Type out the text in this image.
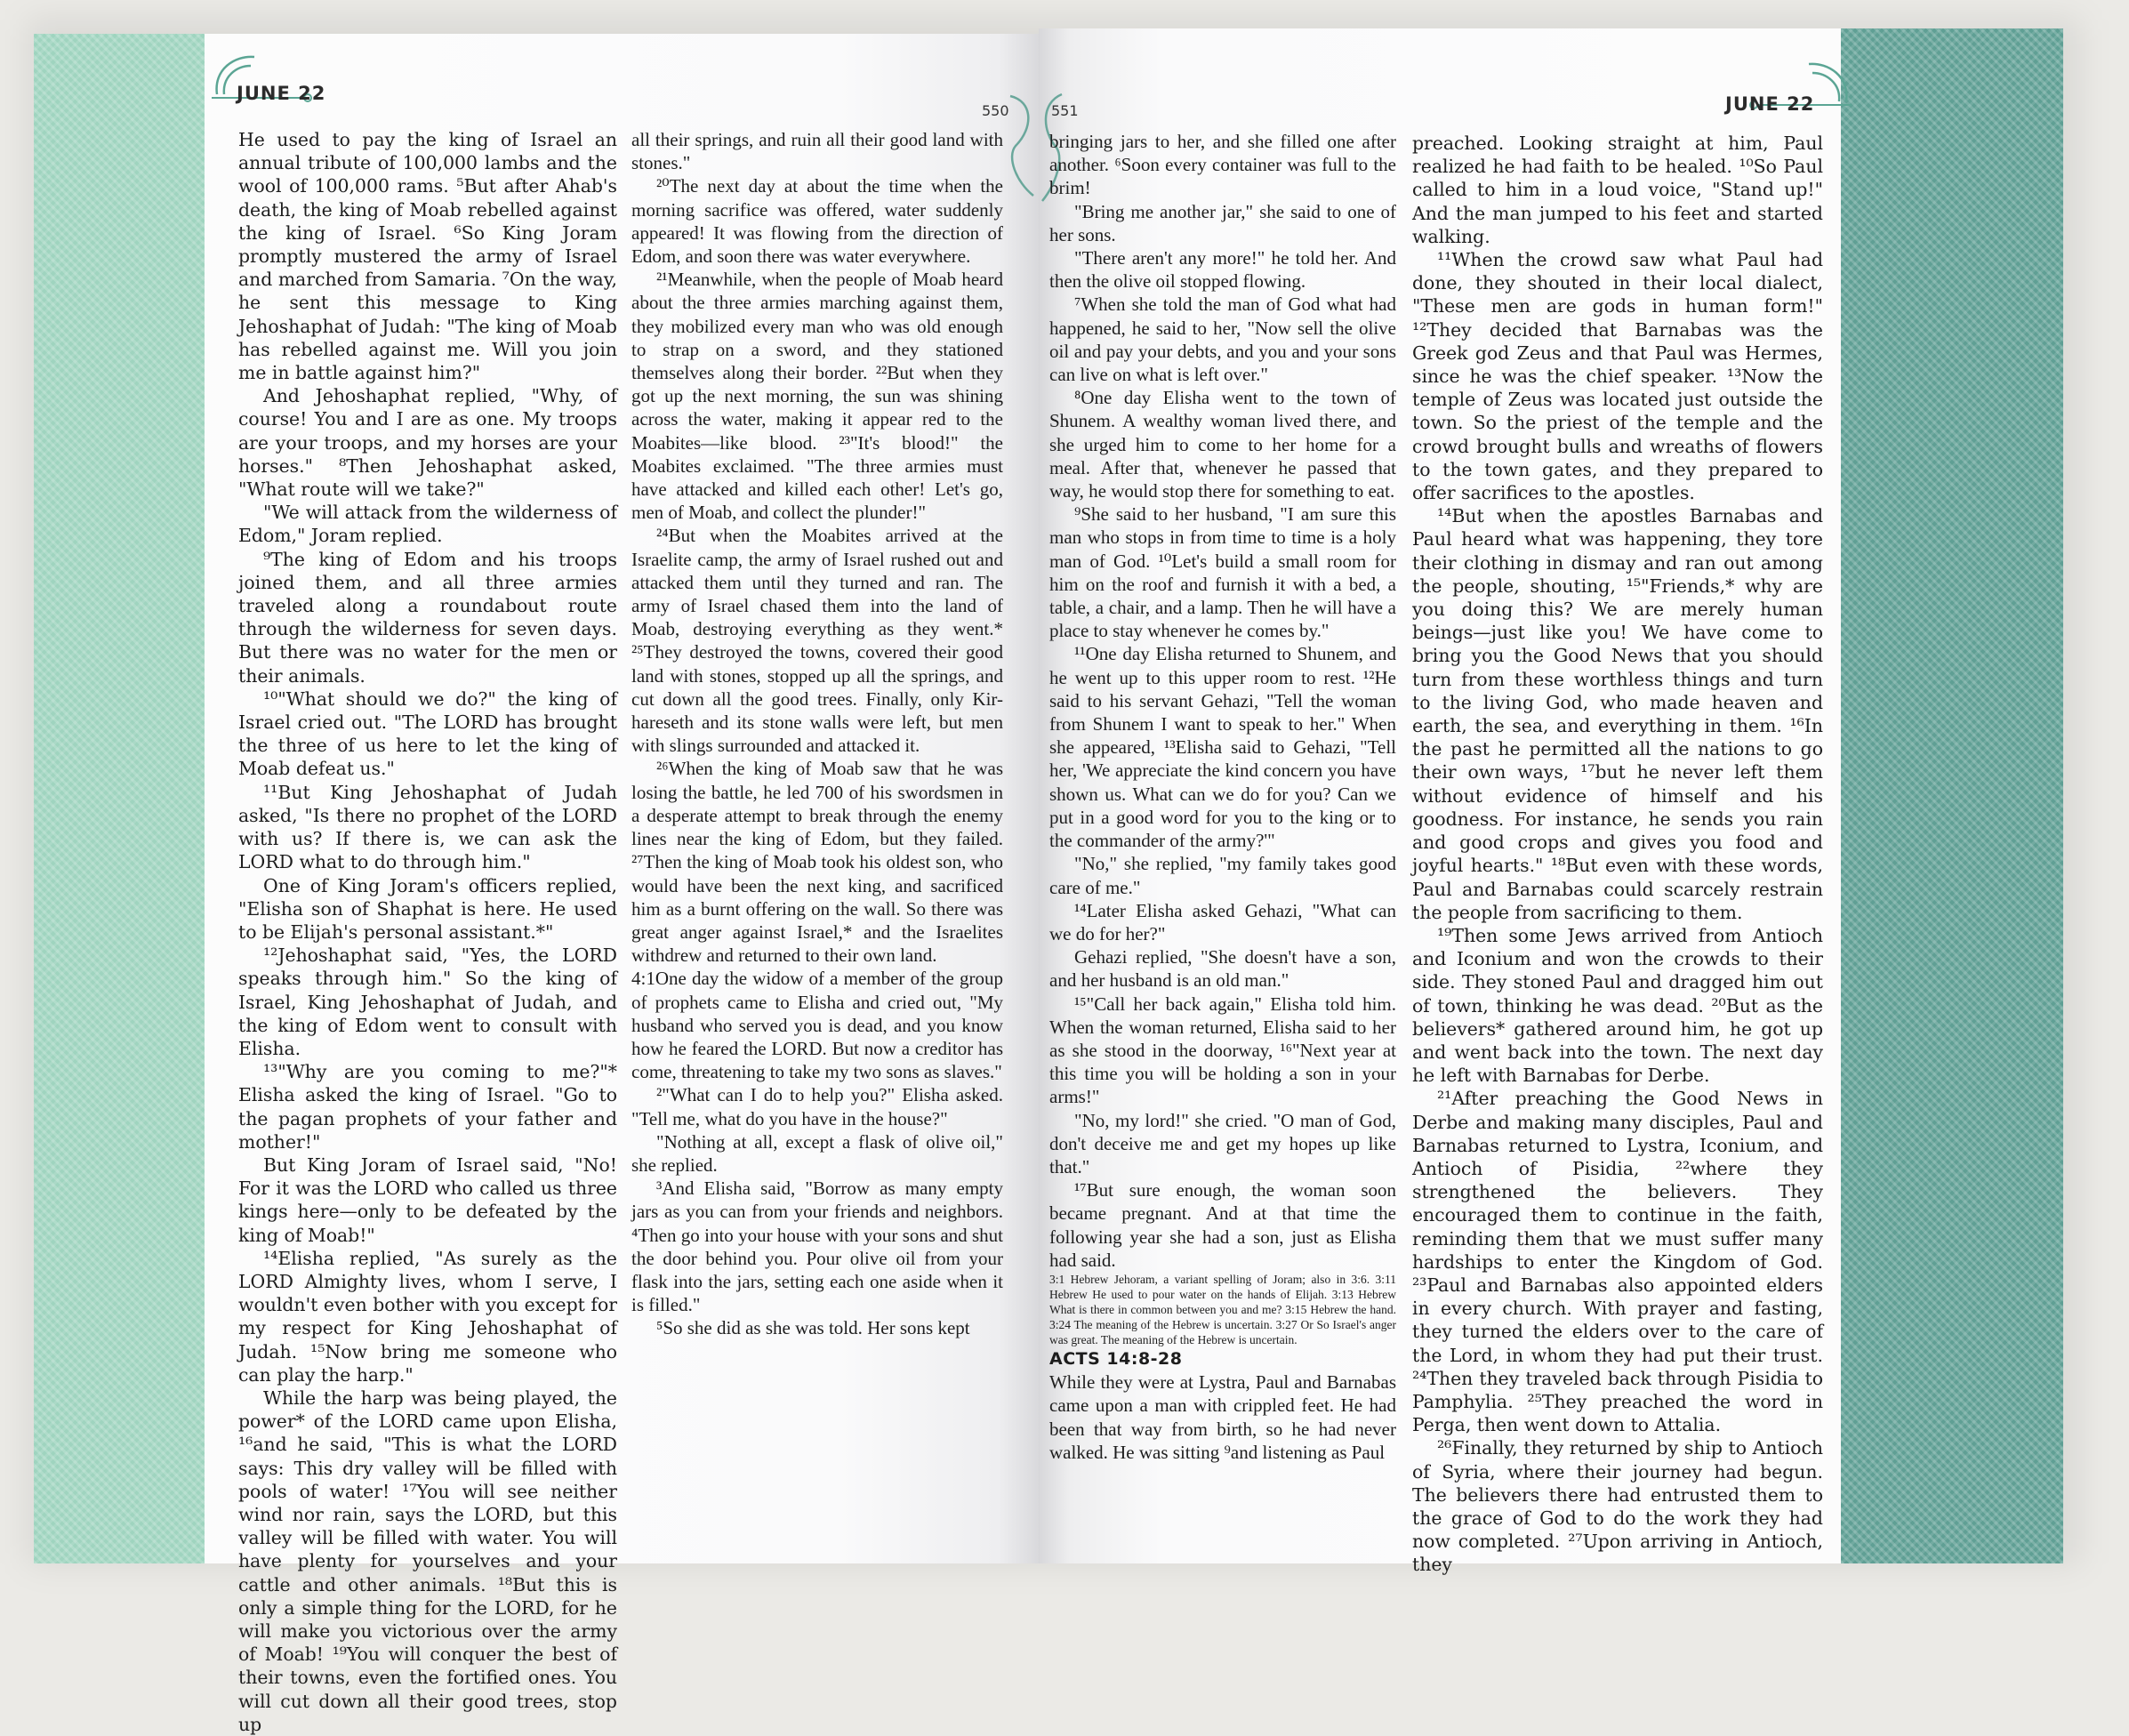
JUNE 22
550

He used to pay the king of Israel an annual tribute of 100,000 lambs and the wool of 100,000 rams. ⁵But after Ahab's death, the king of Moab rebelled against the king of Israel. ⁶So King Joram promptly mustered the army of Israel and marched from Samaria. ⁷On the way, he sent this message to King Jehoshaphat of Judah: "The king of Moab has rebelled against me. Will you join me in battle against him?"

And Jehoshaphat replied, "Why, of course! You and I are as one. My troops are your troops, and my horses are your horses." ⁸Then Jehoshaphat asked, "What route will we take?"

"We will attack from the wilderness of Edom," Joram replied.

⁹The king of Edom and his troops joined them, and all three armies traveled along a roundabout route through the wilderness for seven days. But there was no water for the men or their animals.

¹⁰"What should we do?" the king of Israel cried out. "The LORD has brought the three of us here to let the king of Moab defeat us."

¹¹But King Jehoshaphat of Judah asked, "Is there no prophet of the LORD with us? If there is, we can ask the LORD what to do through him."

One of King Joram's officers replied, "Elisha son of Shaphat is here. He used to be Elijah's personal assistant.*"

¹²Jehoshaphat said, "Yes, the LORD speaks through him." So the king of Israel, King Jehoshaphat of Judah, and the king of Edom went to consult with Elisha.

¹³"Why are you coming to me?"* Elisha asked the king of Israel. "Go to the pagan prophets of your father and mother!"

But King Joram of Israel said, "No! For it was the LORD who called us three kings here—only to be defeated by the king of Moab!"

¹⁴Elisha replied, "As surely as the LORD Almighty lives, whom I serve, I wouldn't even bother with you except for my respect for King Jehoshaphat of Judah. ¹⁵Now bring me someone who can play the harp."

While the harp was being played, the power* of the LORD came upon Elisha, ¹⁶and he said, "This is what the LORD says: This dry valley will be filled with pools of water! ¹⁷You will see neither wind nor rain, says the LORD, but this valley will be filled with water. You will have plenty for yourselves and your cattle and other animals. ¹⁸But this is only a simple thing for the LORD, for he will make you victorious over the army of Moab! ¹⁹You will conquer the best of their towns, even the fortified ones. You will cut down all their good trees, stop up

all their springs, and ruin all their good land with stones."

²⁰The next day at about the time when the morning sacrifice was offered, water suddenly appeared! It was flowing from the direction of Edom, and soon there was water everywhere.

²¹Meanwhile, when the people of Moab heard about the three armies marching against them, they mobilized every man who was old enough to strap on a sword, and they stationed themselves along their border. ²²But when they got up the next morning, the sun was shining across the water, making it appear red to the Moabites—like blood. ²³"It's blood!" the Moabites exclaimed. "The three armies must have attacked and killed each other! Let's go, men of Moab, and collect the plunder!"

²⁴But when the Moabites arrived at the Israelite camp, the army of Israel rushed out and attacked them until they turned and ran. The army of Israel chased them into the land of Moab, destroying everything as they went.* ²⁵They destroyed the towns, covered their good land with stones, stopped up all the springs, and cut down all the good trees. Finally, only Kir-hareseth and its stone walls were left, but men with slings surrounded and attacked it.

²⁶When the king of Moab saw that he was losing the battle, he led 700 of his swordsmen in a desperate attempt to break through the enemy lines near the king of Edom, but they failed. ²⁷Then the king of Moab took his oldest son, who would have been the next king, and sacrificed him as a burnt offering on the wall. So there was great anger against Israel,* and the Israelites withdrew and returned to their own land.

4:1One day the widow of a member of the group of prophets came to Elisha and cried out, "My husband who served you is dead, and you know how he feared the LORD. But now a creditor has come, threatening to take my two sons as slaves."

²"What can I do to help you?" Elisha asked. "Tell me, what do you have in the house?"

"Nothing at all, except a flask of olive oil," she replied.

³And Elisha said, "Borrow as many empty jars as you can from your friends and neighbors. ⁴Then go into your house with your sons and shut the door behind you. Pour olive oil from your flask into the jars, setting each one aside when it is filled."

⁵So she did as she was told. Her sons kept

551	JUNE 22

bringing jars to her, and she filled one after another. ⁶Soon every container was full to the brim!

"Bring me another jar," she said to one of her sons.

"There aren't any more!" he told her. And then the olive oil stopped flowing.

⁷When she told the man of God what had happened, he said to her, "Now sell the olive oil and pay your debts, and you and your sons can live on what is left over."

⁸One day Elisha went to the town of Shunem. A wealthy woman lived there, and she urged him to come to her home for a meal. After that, whenever he passed that way, he would stop there for something to eat.

⁹She said to her husband, "I am sure this man who stops in from time to time is a holy man of God. ¹⁰Let's build a small room for him on the roof and furnish it with a bed, a table, a chair, and a lamp. Then he will have a place to stay whenever he comes by."

¹¹One day Elisha returned to Shunem, and he went up to this upper room to rest. ¹²He said to his servant Gehazi, "Tell the woman from Shunem I want to speak to her." When she appeared, ¹³Elisha said to Gehazi, "Tell her, 'We appreciate the kind concern you have shown us. What can we do for you? Can we put in a good word for you to the king or to the commander of the army?'"

"No," she replied, "my family takes good care of me."

¹⁴Later Elisha asked Gehazi, "What can we do for her?"

Gehazi replied, "She doesn't have a son, and her husband is an old man."

¹⁵"Call her back again," Elisha told him. When the woman returned, Elisha said to her as she stood in the doorway, ¹⁶"Next year at this time you will be holding a son in your arms!"

"No, my lord!" she cried. "O man of God, don't deceive me and get my hopes up like that."

¹⁷But sure enough, the woman soon became pregnant. And at that time the following year she had a son, just as Elisha had said.

3:1 Hebrew Jehoram, a variant spelling of Joram; also in 3:6. 3:11 Hebrew He used to pour water on the hands of Elijah. 3:13 Hebrew What is there in common between you and me? 3:15 Hebrew the hand. 3:24 The meaning of the Hebrew is uncertain. 3:27 Or So Israel's anger was great. The meaning of the Hebrew is uncertain.

ACTS 14:8-28

While they were at Lystra, Paul and Barnabas came upon a man with crippled feet. He had been that way from birth, so he had never walked. He was sitting ⁹and listening as Paul

preached. Looking straight at him, Paul realized he had faith to be healed. ¹⁰So Paul called to him in a loud voice, "Stand up!" And the man jumped to his feet and started walking.

¹¹When the crowd saw what Paul had done, they shouted in their local dialect, "These men are gods in human form!" ¹²They decided that Barnabas was the Greek god Zeus and that Paul was Hermes, since he was the chief speaker. ¹³Now the temple of Zeus was located just outside the town. So the priest of the temple and the crowd brought bulls and wreaths of flowers to the town gates, and they prepared to offer sacrifices to the apostles.

¹⁴But when the apostles Barnabas and Paul heard what was happening, they tore their clothing in dismay and ran out among the people, shouting, ¹⁵"Friends,* why are you doing this? We are merely human beings—just like you! We have come to bring you the Good News that you should turn from these worthless things and turn to the living God, who made heaven and earth, the sea, and everything in them. ¹⁶In the past he permitted all the nations to go their own ways, ¹⁷but he never left them without evidence of himself and his goodness. For instance, he sends you rain and good crops and gives you food and joyful hearts." ¹⁸But even with these words, Paul and Barnabas could scarcely restrain the people from sacrificing to them.

¹⁹Then some Jews arrived from Antioch and Iconium and won the crowds to their side. They stoned Paul and dragged him out of town, thinking he was dead. ²⁰But as the believers* gathered around him, he got up and went back into the town. The next day he left with Barnabas for Derbe.

²¹After preaching the Good News in Derbe and making many disciples, Paul and Barnabas returned to Lystra, Iconium, and Antioch of Pisidia, ²²where they strengthened the believers. They encouraged them to continue in the faith, reminding them that we must suffer many hardships to enter the Kingdom of God. ²³Paul and Barnabas also appointed elders in every church. With prayer and fasting, they turned the elders over to the care of the Lord, in whom they had put their trust. ²⁴Then they traveled back through Pisidia to Pamphylia. ²⁵They preached the word in Perga, then went down to Attalia.

²⁶Finally, they returned by ship to Antioch of Syria, where their journey had begun. The believers there had entrusted them to the grace of God to do the work they had now completed. ²⁷Upon arriving in Antioch, they
